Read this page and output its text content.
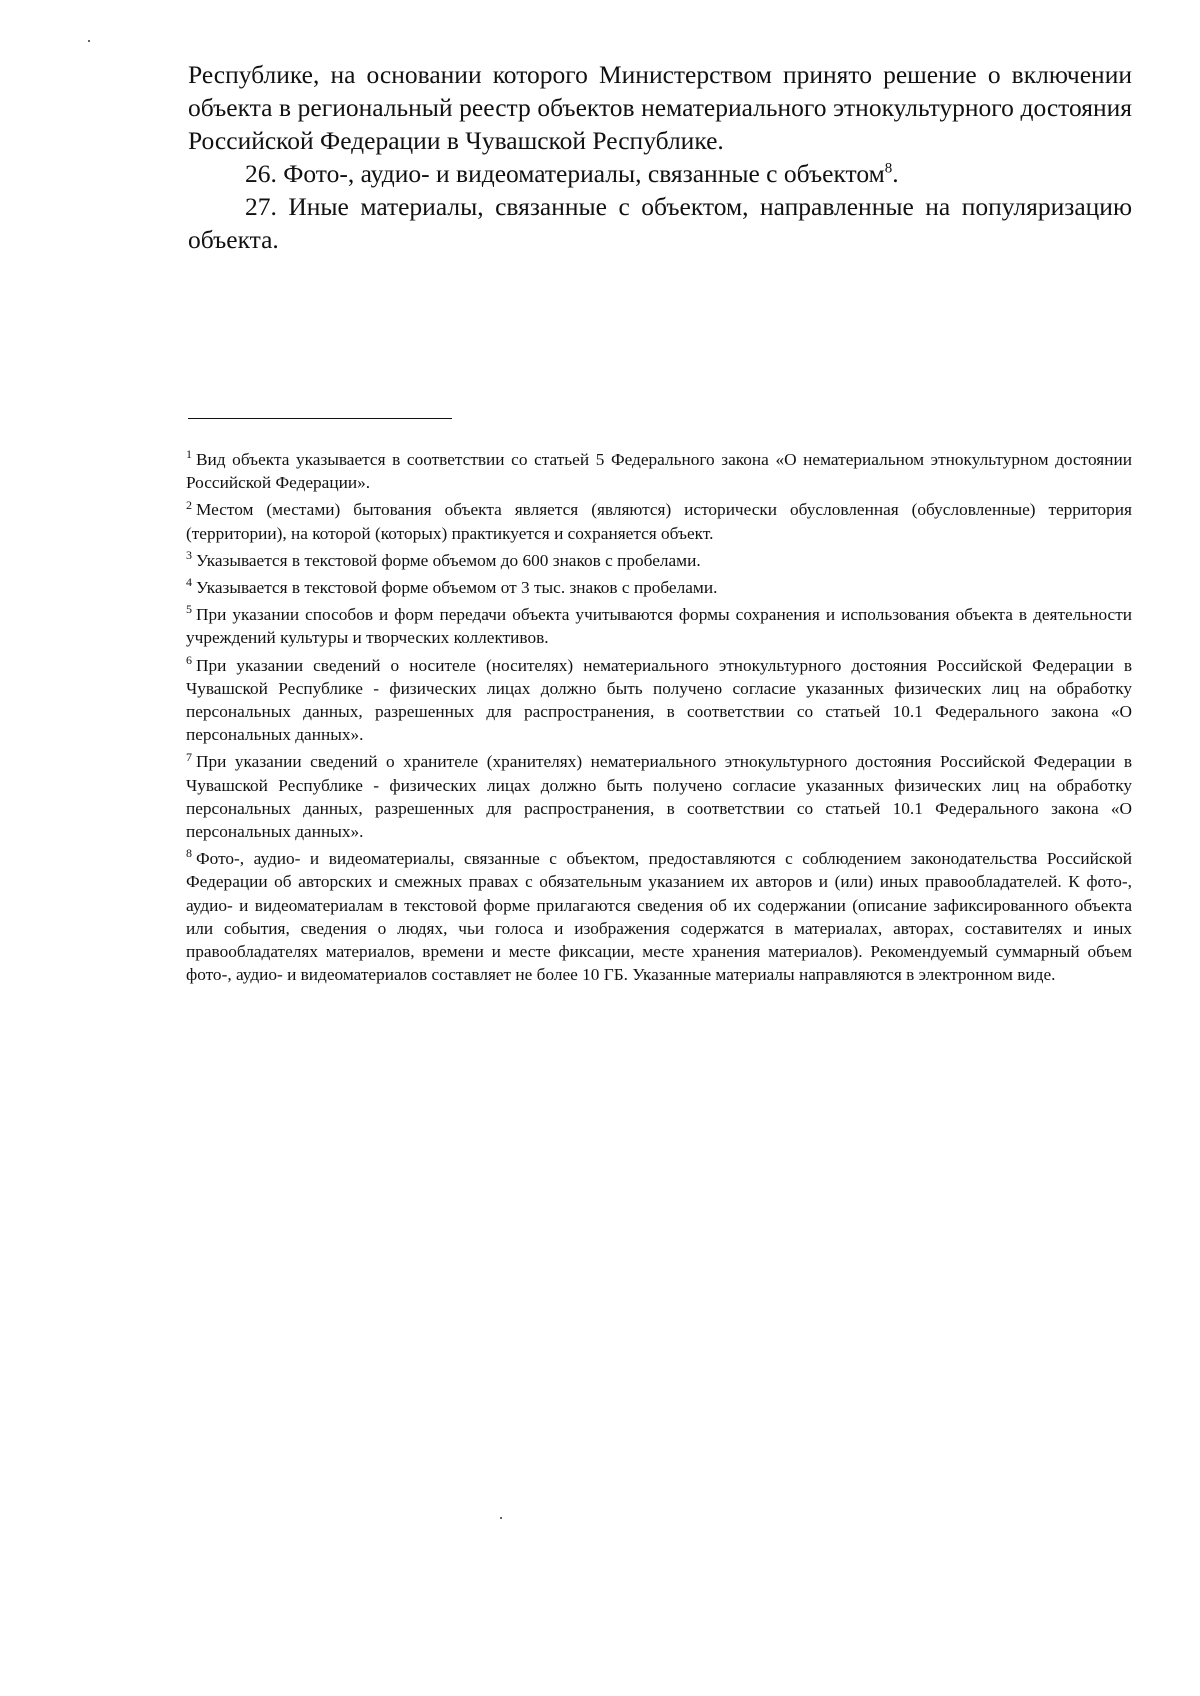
Республике, на основании которого Министерством принято решение о включении объекта в региональный реестр объектов нематериального этнокультурного достояния Российской Федерации в Чувашской Республике.

26. Фото-, аудио- и видеоматериалы, связанные с объектом$^8$.

27. Иные материалы, связанные с объектом, направленные на популяризацию объекта.

$^1$ Вид объекта указывается в соответствии со статьей 5 Федерального закона «О нематериальном этнокультурном достоянии Российской Федерации».

$^2$ Местом (местами) бытования объекта является (являются) исторически обусловленная (обусловленные) территория (территории), на которой (которых) практикуется и сохраняется объект.

$^3$ Указывается в текстовой форме объемом до 600 знаков с пробелами.

$^4$ Указывается в текстовой форме объемом от 3 тыс. знаков с пробелами.

$^5$ При указании способов и форм передачи объекта учитываются формы сохранения и использования объекта в деятельности учреждений культуры и творческих коллективов.

$^6$ При указании сведений о носителе (носителях) нематериального этнокультурного достояния Российской Федерации в Чувашской Республике - физических лицах должно быть получено согласие указанных физических лиц на обработку персональных данных, разрешенных для распространения, в соответствии со статьей 10.1 Федерального закона «О персональных данных».

$^7$ При указании сведений о хранителе (хранителях) нематериального этнокультурного достояния Российской Федерации в Чувашской Республике - физических лицах должно быть получено согласие указанных физических лиц на обработку персональных данных, разрешенных для распространения, в соответствии со статьей 10.1 Федерального закона «О персональных данных».

$^8$ Фото-, аудио- и видеоматериалы, связанные с объектом, предоставляются с соблюдением законодательства Российской Федерации об авторских и смежных правах с обязательным указанием их авторов и (или) иных правообладателей. К фото-, аудио- и видеоматериалам в текстовой форме прилагаются сведения об их содержании (описание зафиксированного объекта или события, сведения о людях, чьи голоса и изображения содержатся в материалах, авторах, составителях и иных правообладателях материалов, времени и месте фиксации, месте хранения материалов). Рекомендуемый суммарный объем фото-, аудио- и видеоматериалов составляет не более 10 ГБ. Указанные материалы направляются в электронном виде.
